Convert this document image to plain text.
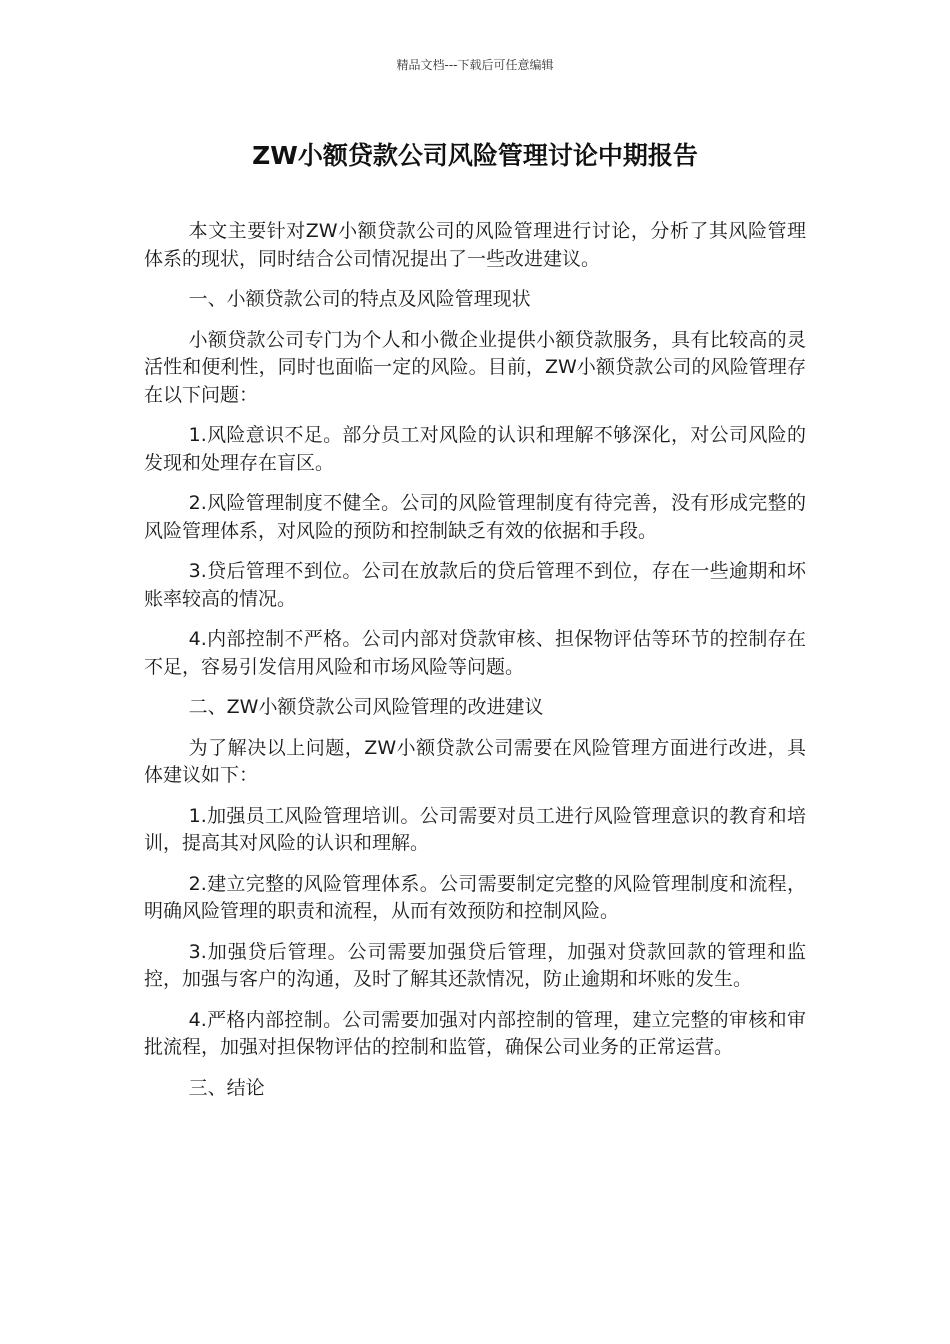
精品文档---下载后可任意编辑
ZW小额贷款公司风险管理讨论中期报告

本文主要针对ZW小额贷款公司的风险管理进行讨论，分析了其风险管理体系的现状，同时结合公司情况提出了一些改进建议。

一、小额贷款公司的特点及风险管理现状

小额贷款公司专门为个人和小微企业提供小额贷款服务，具有比较高的灵活性和便利性，同时也面临一定的风险。目前，ZW小额贷款公司的风险管理存在以下问题：

1.风险意识不足。部分员工对风险的认识和理解不够深化，对公司风险的发现和处理存在盲区。

2.风险管理制度不健全。公司的风险管理制度有待完善，没有形成完整的风险管理体系，对风险的预防和控制缺乏有效的依据和手段。

3.贷后管理不到位。公司在放款后的贷后管理不到位，存在一些逾期和坏账率较高的情况。

4.内部控制不严格。公司内部对贷款审核、担保物评估等环节的控制存在不足，容易引发信用风险和市场风险等问题。

二、ZW小额贷款公司风险管理的改进建议

为了解决以上问题，ZW小额贷款公司需要在风险管理方面进行改进，具体建议如下：

1.加强员工风险管理培训。公司需要对员工进行风险管理意识的教育和培训，提高其对风险的认识和理解。

2.建立完整的风险管理体系。公司需要制定完整的风险管理制度和流程，明确风险管理的职责和流程，从而有效预防和控制风险。

3.加强贷后管理。公司需要加强贷后管理，加强对贷款回款的管理和监控，加强与客户的沟通，及时了解其还款情况，防止逾期和坏账的发生。

4.严格内部控制。公司需要加强对内部控制的管理，建立完整的审核和审批流程，加强对担保物评估的控制和监管，确保公司业务的正常运营。

三、结论
